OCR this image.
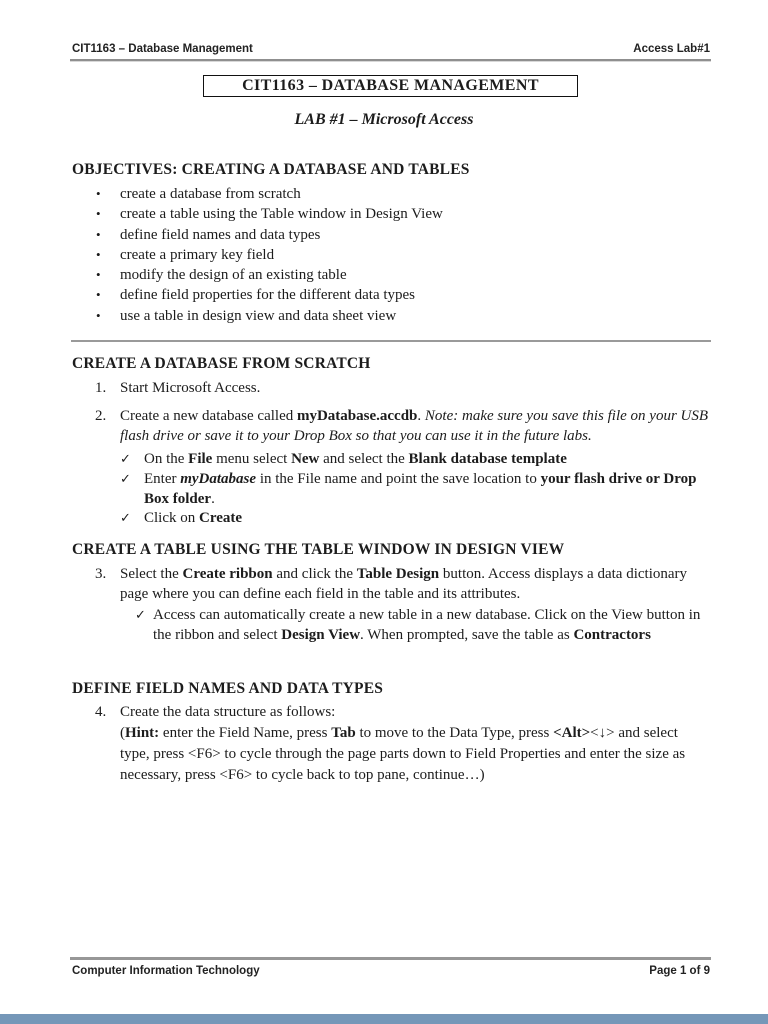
CIT1163 – Database Management	Access Lab#1
CIT1163 – DATABASE MANAGEMENT
LAB #1 – Microsoft Access
OBJECTIVES: CREATING A DATABASE AND TABLES
•	create a database from scratch
•	create a table using the Table window in Design View
•	define field names and data types
•	create a primary key field
•	modify the design of an existing table
•	define field properties for the different data types
•	use a table in design view and data sheet view
CREATE A DATABASE FROM SCRATCH
1. Start Microsoft Access.
2. Create a new database called myDatabase.accdb. Note: make sure you save this file on your USB flash drive or save it to your Drop Box so that you can use it in the future labs.
✓ On the File menu select New and select the Blank database template
✓ Enter myDatabase in the File name and point the save location to your flash drive or Drop Box folder.
✓ Click on Create
CREATE A TABLE USING THE TABLE WINDOW IN DESIGN VIEW
3. Select the Create ribbon and click the Table Design button. Access displays a data dictionary page where you can define each field in the table and its attributes.
✓ Access can automatically create a new table in a new database. Click on the View button in the ribbon and select Design View. When prompted, save the table as Contractors
DEFINE FIELD NAMES AND DATA TYPES
4. Create the data structure as follows:
(Hint: enter the Field Name, press Tab to move to the Data Type, press <Alt><↓> and select type, press <F6> to cycle through the page parts down to Field Properties and enter the size as necessary, press <F6> to cycle back to top pane, continue…)
Computer Information Technology	Page 1 of 9
